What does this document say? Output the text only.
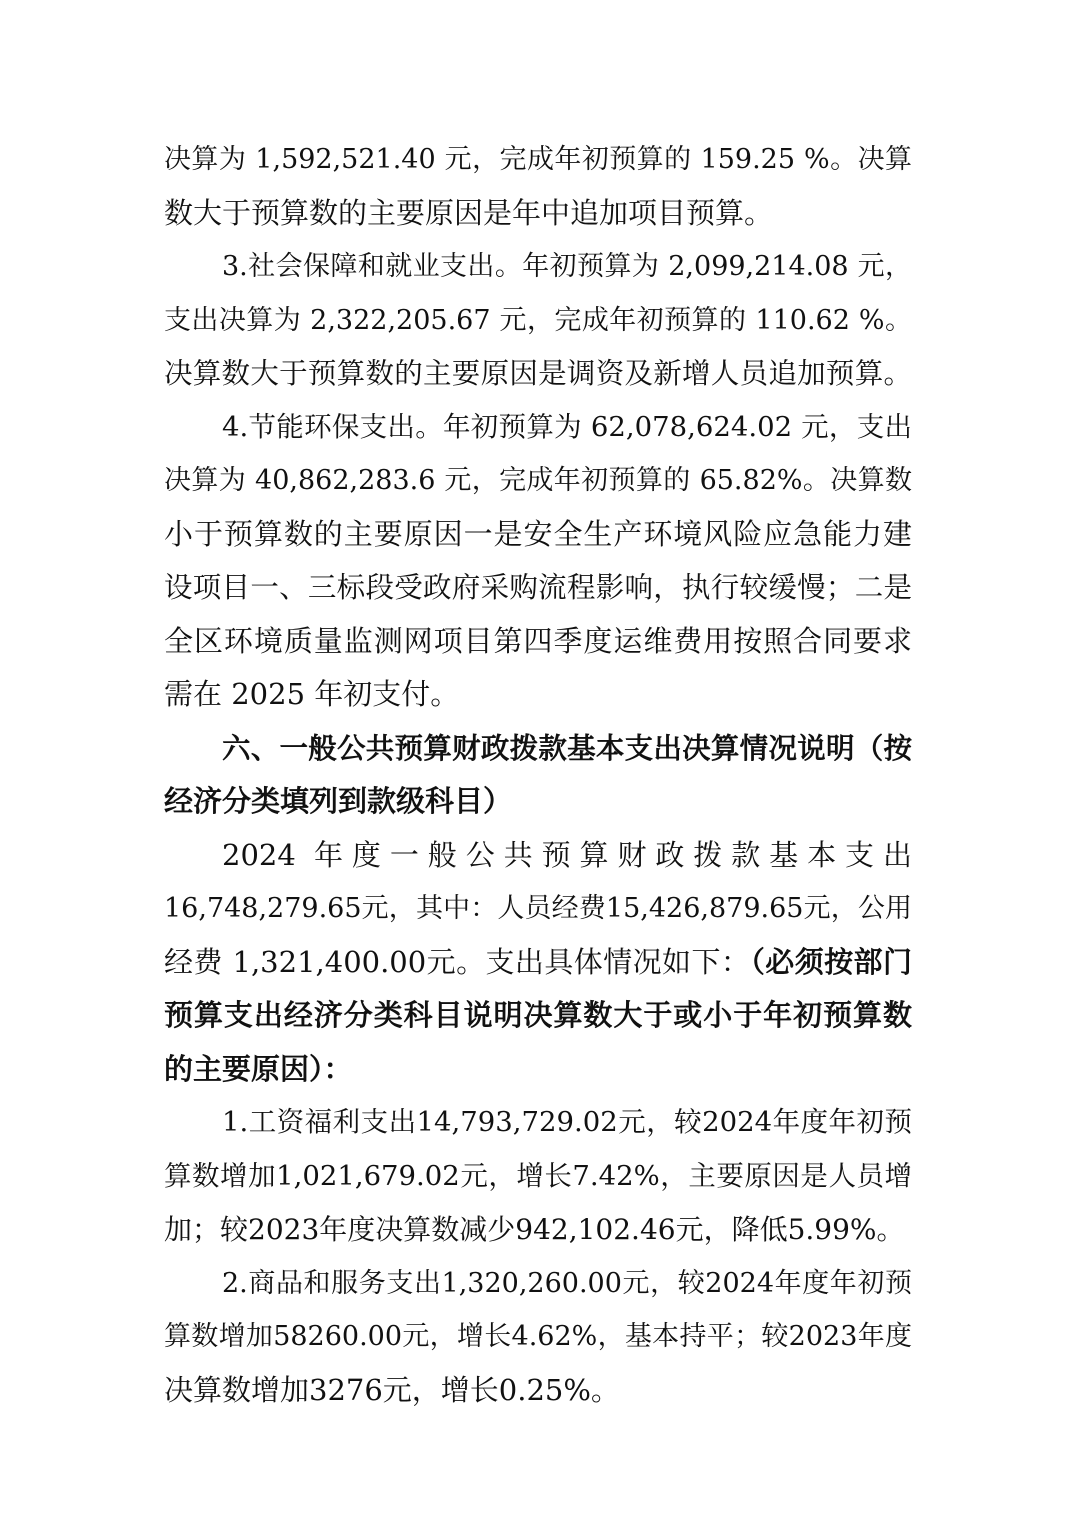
决算为 1,592,521.40 元，完成年初预算的 159.25 %。决算
数大于预算数的主要原因是年中追加项目预算。
3.社会保障和就业支出。年初预算为 2,099,214.08 元，
支出决算为 2,322,205.67 元，完成年初预算的 110.62 %。
决算数大于预算数的主要原因是调资及新增人员追加预算。
4.节能环保支出。年初预算为 62,078,624.02 元，支出
决算为 40,862,283.6 元，完成年初预算的 65.82%。决算数
小于预算数的主要原因一是安全生产环境风险应急能力建
设项目一、三标段受政府采购流程影响，执行较缓慢；二是
全区环境质量监测网项目第四季度运维费用按照合同要求
需在 2025 年初支付。
六、一般公共预算财政拨款基本支出决算情况说明（按
经济分类填列到款级科目）
2024 年度一般公共预算财政拨款基本支出
16,748,279.65元，其中：人员经费15,426,879.65元，公用
经费 1,321,400.00元。支出具体情况如下：（必须按部门
预算支出经济分类科目说明决算数大于或小于年初预算数
的主要原因）：
1.工资福利支出14,793,729.02元，较2024年度年初预
算数增加1,021,679.02元，增长7.42%，主要原因是人员增
加；较2023年度决算数减少942,102.46元，降低5.99%。
2.商品和服务支出1,320,260.00元，较2024年度年初预
算数增加58260.00元，增长4.62%，基本持平；较2023年度
决算数增加3276元，增长0.25%。
